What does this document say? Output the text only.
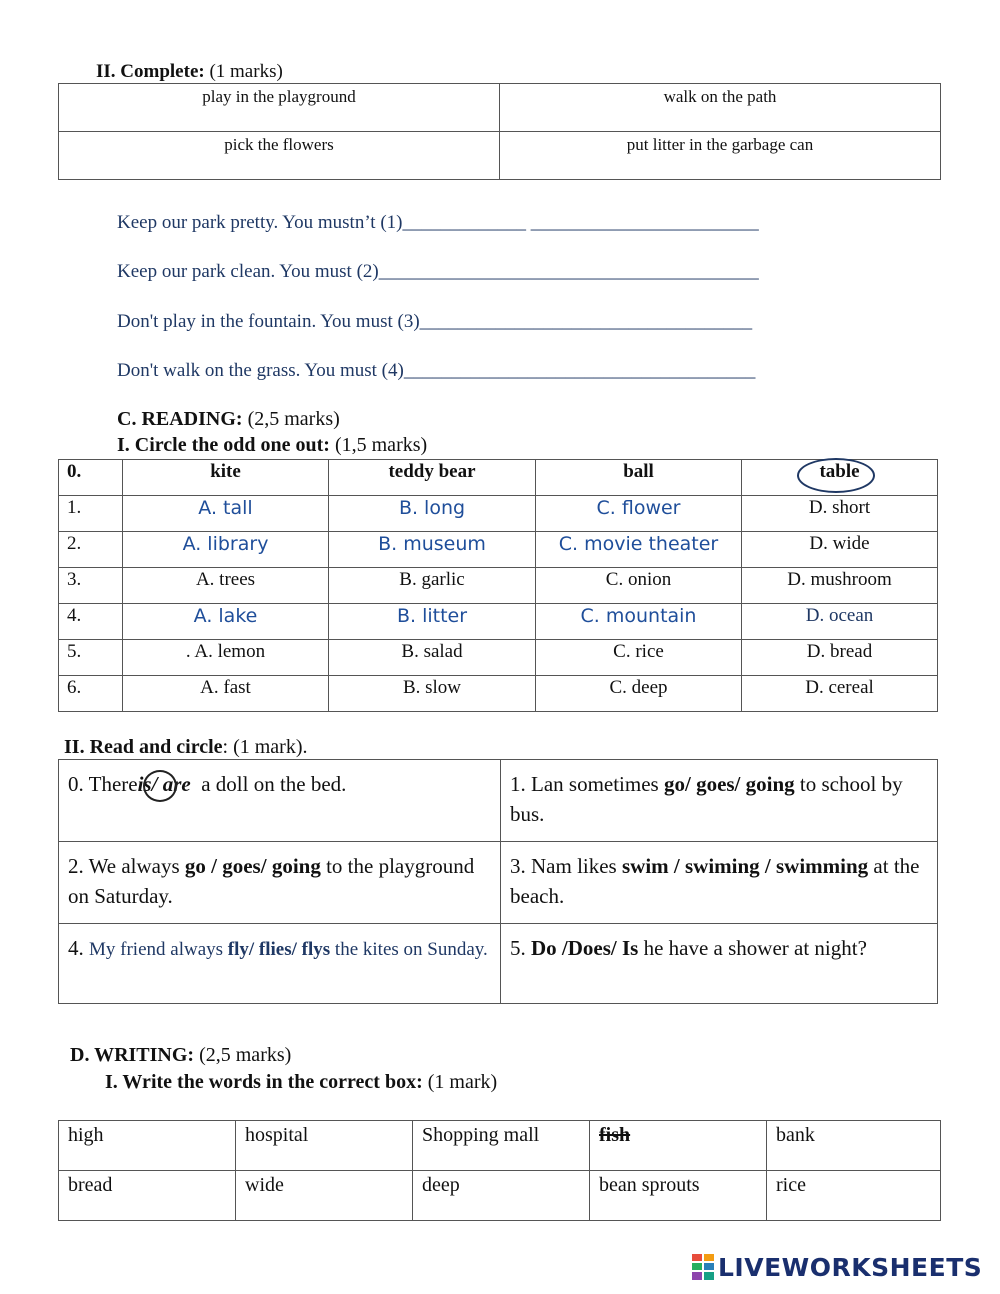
II. Complete: (1 marks)
play in the playground	walk on the path
pick the flowers	put litter in the garbage can
Keep our park pretty. You mustn’t (1)_____________ ________________________
Keep our park clean. You must (2)________________________________________
Don't play in the fountain. You must (3)___________________________________
Don't walk on the grass. You must (4)_____________________________________
C. READING: (2,5 marks)
I. Circle the odd one out: (1,5 marks)
0.	kite	teddy bear	ball	table
1.	A. tall	B. long	C. flower	D. short
2.	A. library	B. museum	C. movie theater	D. wide
3.	A. trees	B. garlic	C. onion	D. mushroom
4.	A. lake	B. litter	C. mountain	D. ocean
5.	. A. lemon	B. salad	C. rice	D. bread
6.	A. fast	B. slow	C. deep	D. cereal
II. Read and circle: (1 mark).
0. Thereis/ are  a doll on the bed.	1. Lan sometimes go/ goes/ going to school by bus.
2. We always go / goes/ going to the playground on Saturday.	3. Nam likes swim / swiming / swimming at the beach.
4. My friend always fly/ flies/ flys the kites on Sunday.	5. Do /Does/ Is he have a shower at night?
D. WRITING: (2,5 marks)
I. Write the words in the correct box: (1 mark)
high	hospital	Shopping mall	fish	bank
bread	wide	deep	bean sprouts	rice
LIVEWORKSHEETS
